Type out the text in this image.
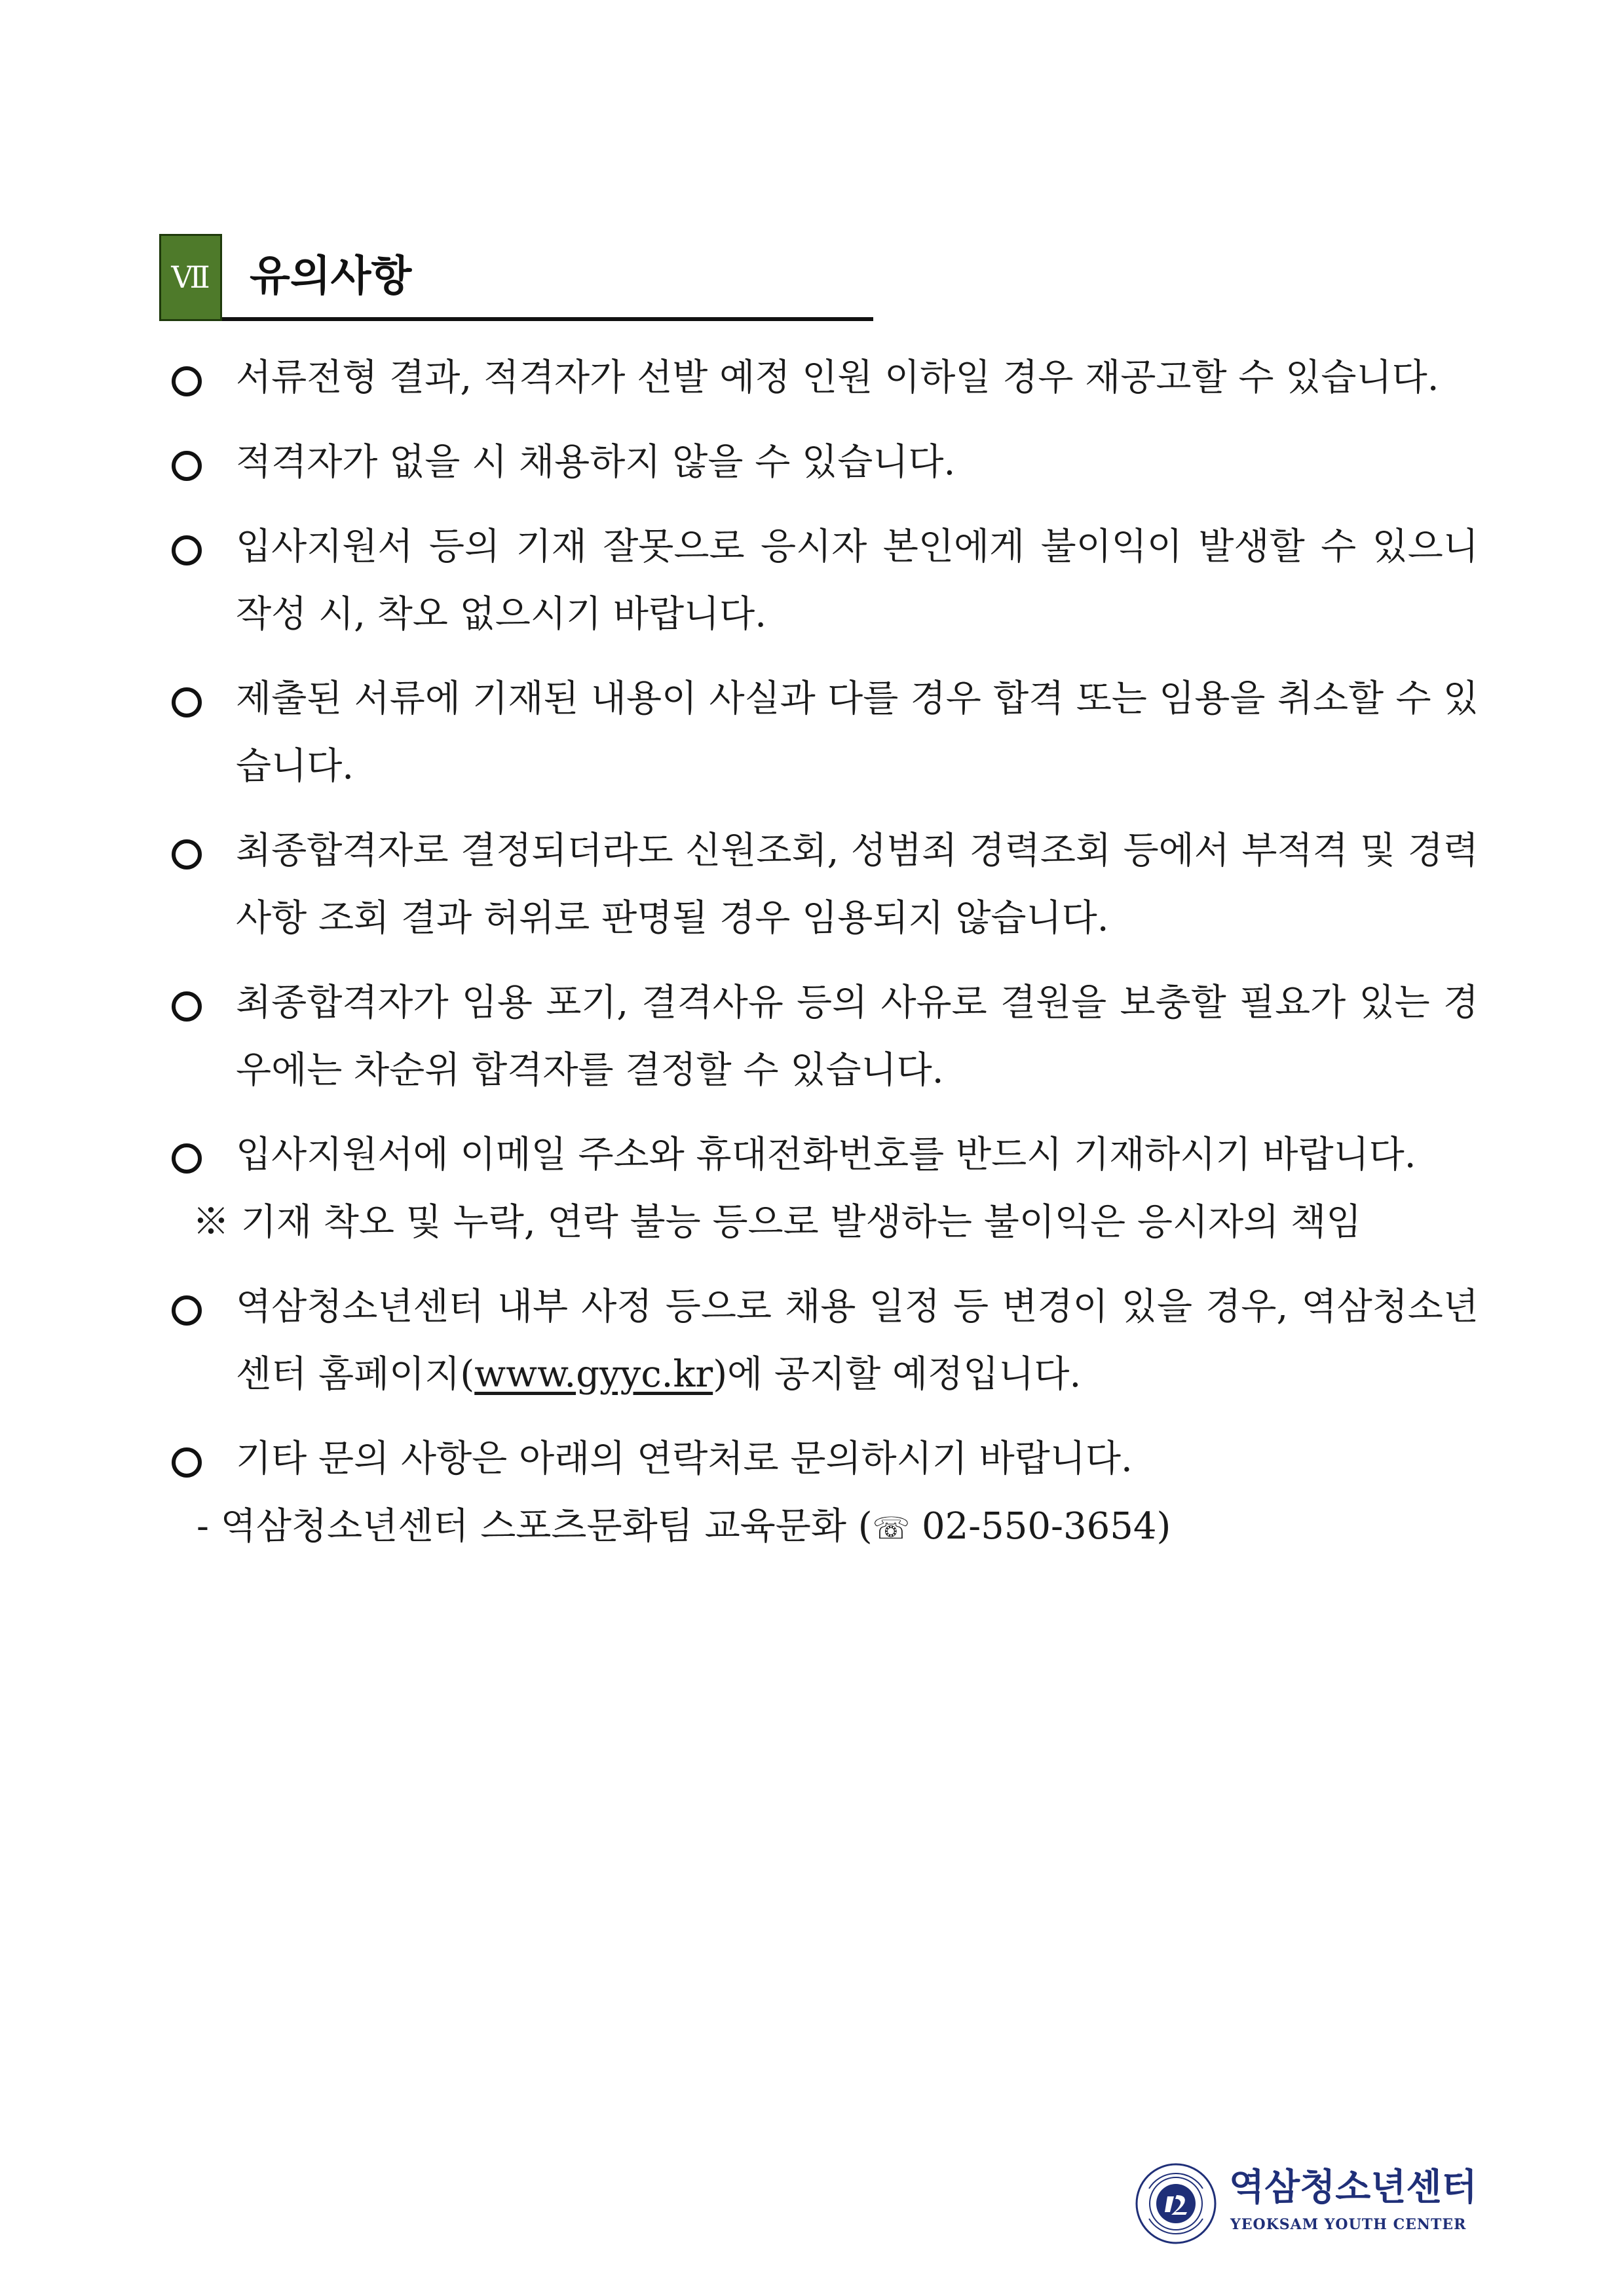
Ⅶ 유의사항
서류전형 결과, 적격자가 선발 예정 인원 이하일 경우 재공고할 수 있습니다.
적격자가 없을 시 채용하지 않을 수 있습니다.
입사지원서 등의 기재 잘못으로 응시자 본인에게 불이익이 발생할 수 있으니 작성 시, 착오 없으시기 바랍니다.
제출된 서류에 기재된 내용이 사실과 다를 경우 합격 또는 임용을 취소할 수 있습니다.
최종합격자로 결정되더라도 신원조회, 성범죄 경력조회 등에서 부적격 및 경력 사항 조회 결과 허위로 판명될 경우 임용되지 않습니다.
최종합격자가 임용 포기, 결격사유 등의 사유로 결원을 보충할 필요가 있는 경우에는 차순위 합격자를 결정할 수 있습니다.
입사지원서에 이메일 주소와 휴대전화번호를 반드시 기재하시기 바랍니다.
※ 기재 착오 및 누락, 연락 불능 등으로 발생하는 불이익은 응시자의 책임
역삼청소년센터 내부 사정 등으로 채용 일정 등 변경이 있을 경우, 역삼청소년센터 홈페이지(www.gyyc.kr)에 공지할 예정입니다.
기타 문의 사항은 아래의 연락처로 문의하시기 바랍니다.
- 역삼청소년센터 스포츠문화팀 교육문화 (☏ 02-550-3654)
역삼청소년센터
YEOKSAM YOUTH CENTER
